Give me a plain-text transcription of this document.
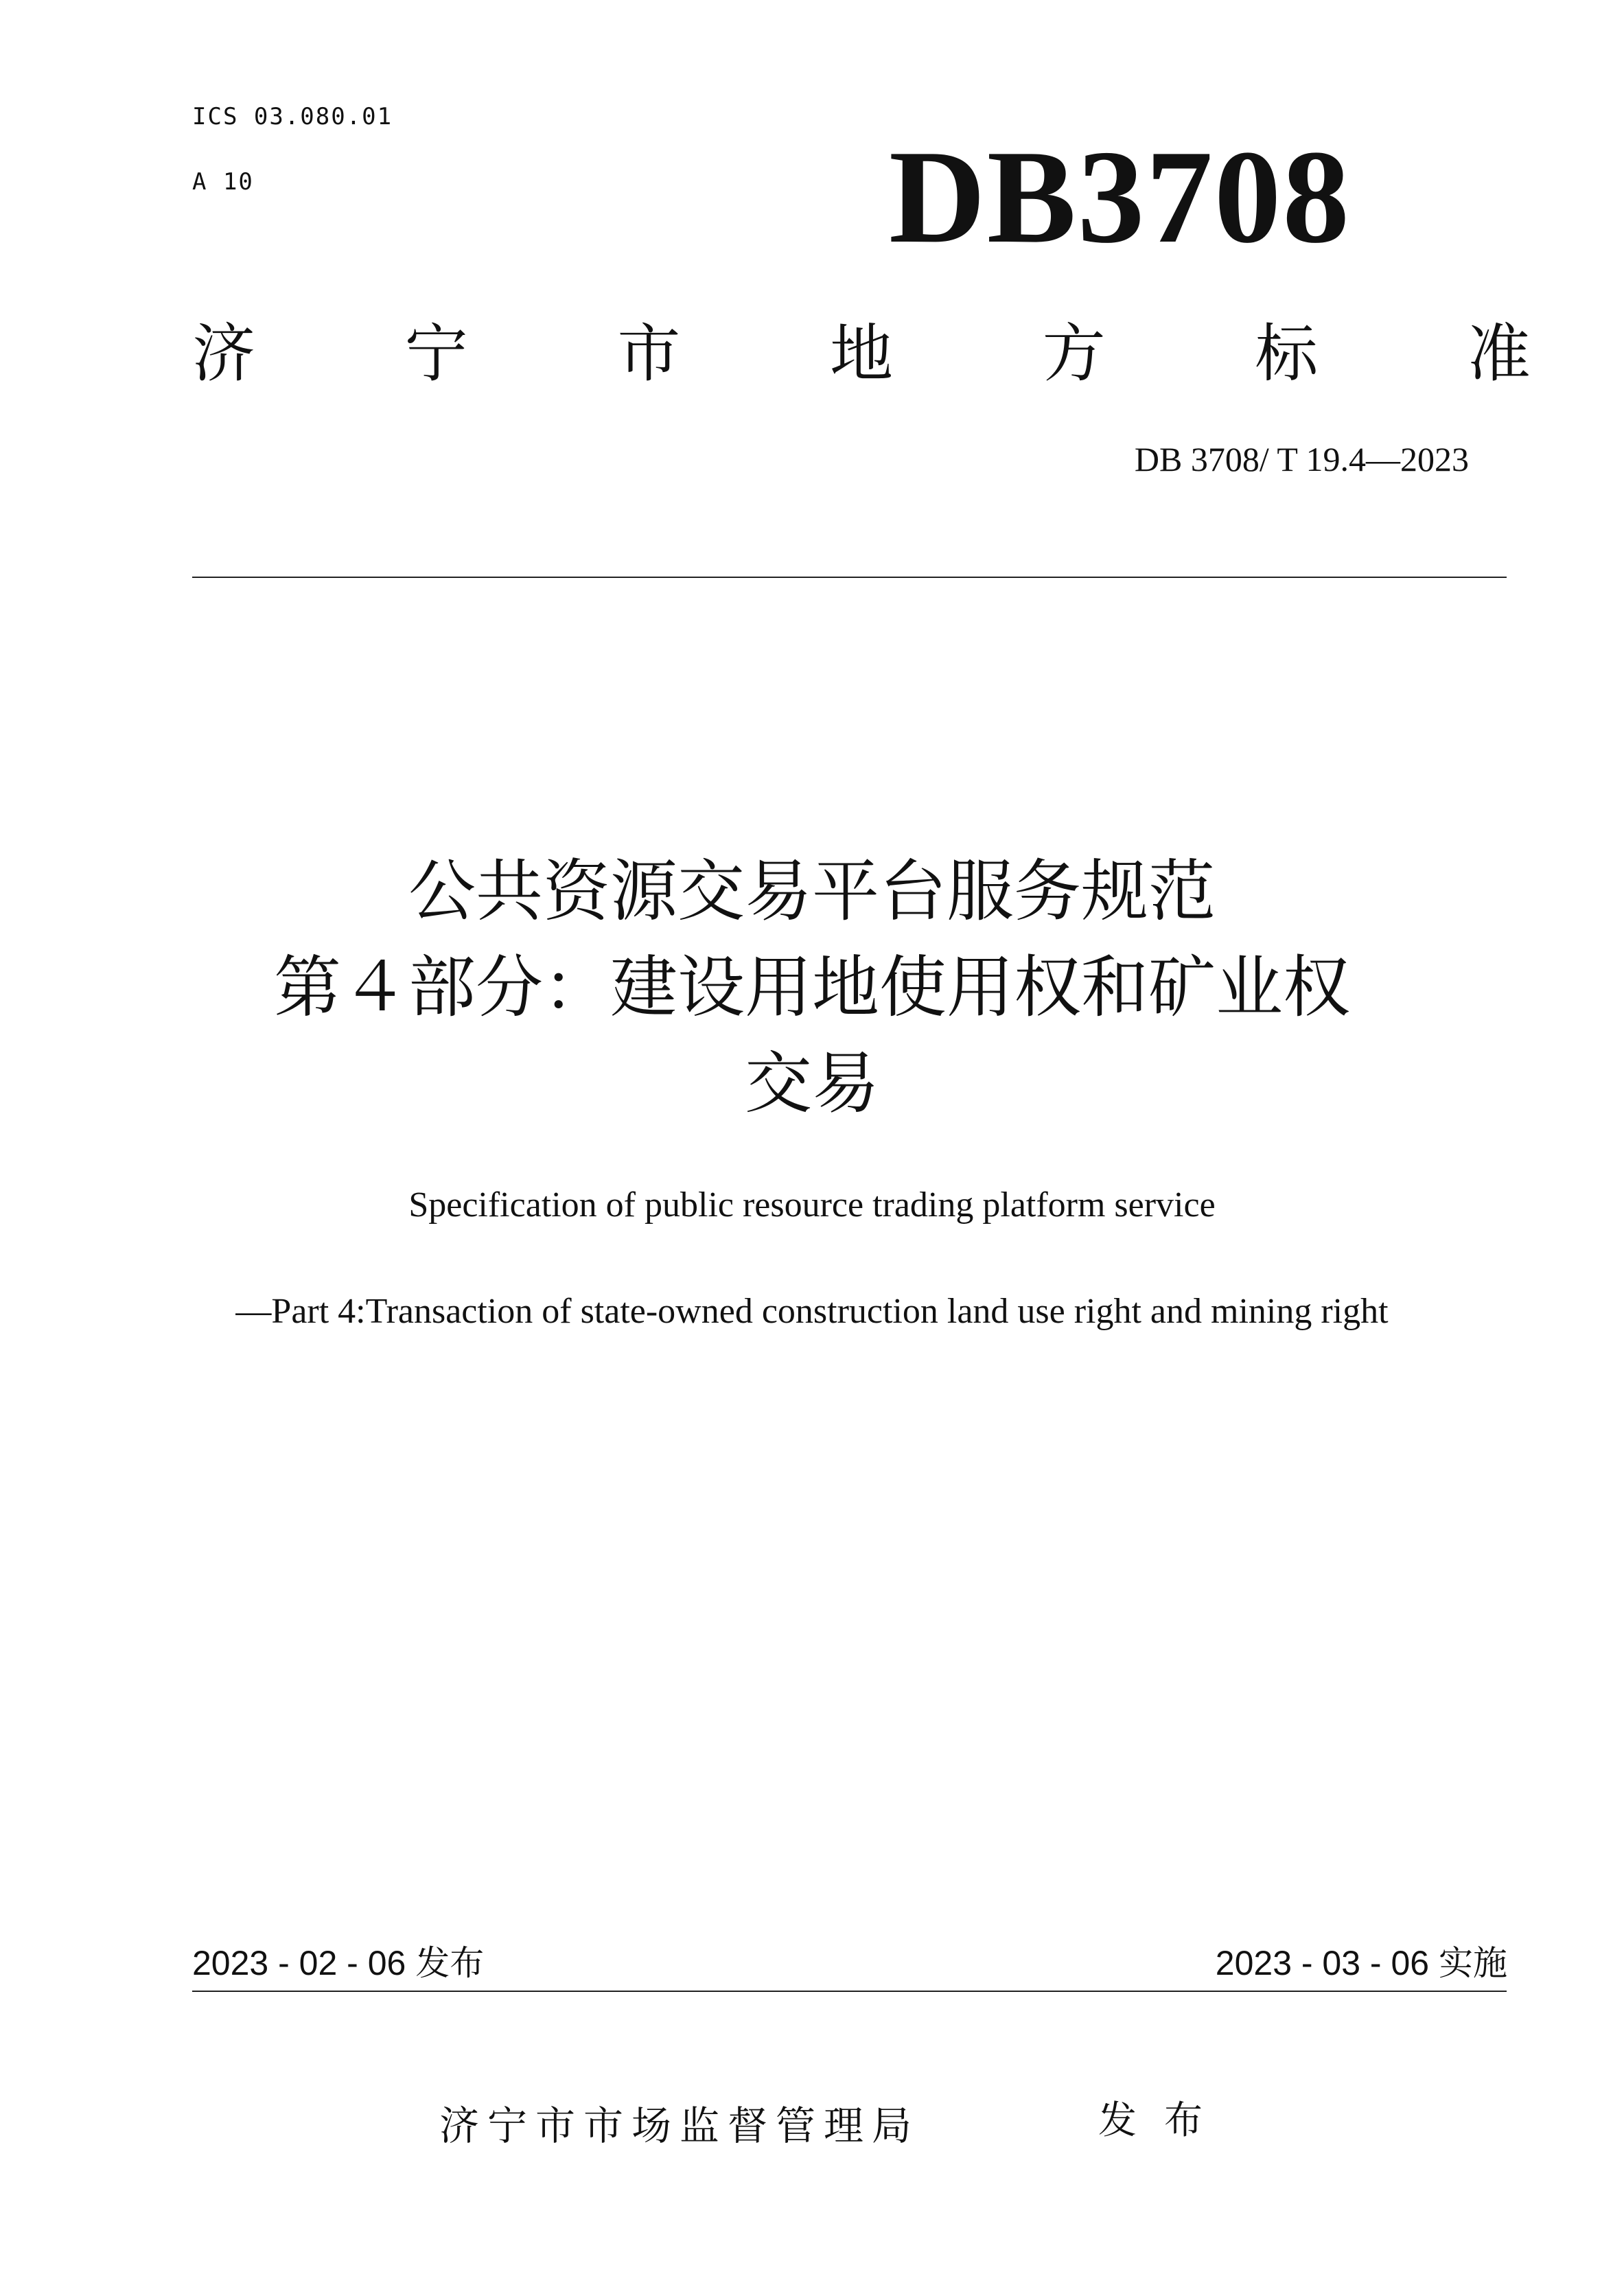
ICS 03.080.01
A 10	DB3708
济 宁 市 地 方 标 准
DB 3708/ T 19.4—2023
公共资源交易平台服务规范
第４部分：建设用地使用权和矿业权
交易
Specification of public resource trading platform service
—Part 4:Transaction of state-owned construction land use right and mining right
2023 - 02 - 06 发布	2023 - 03 - 06 实施
济宁市市场监督管理局	发布
